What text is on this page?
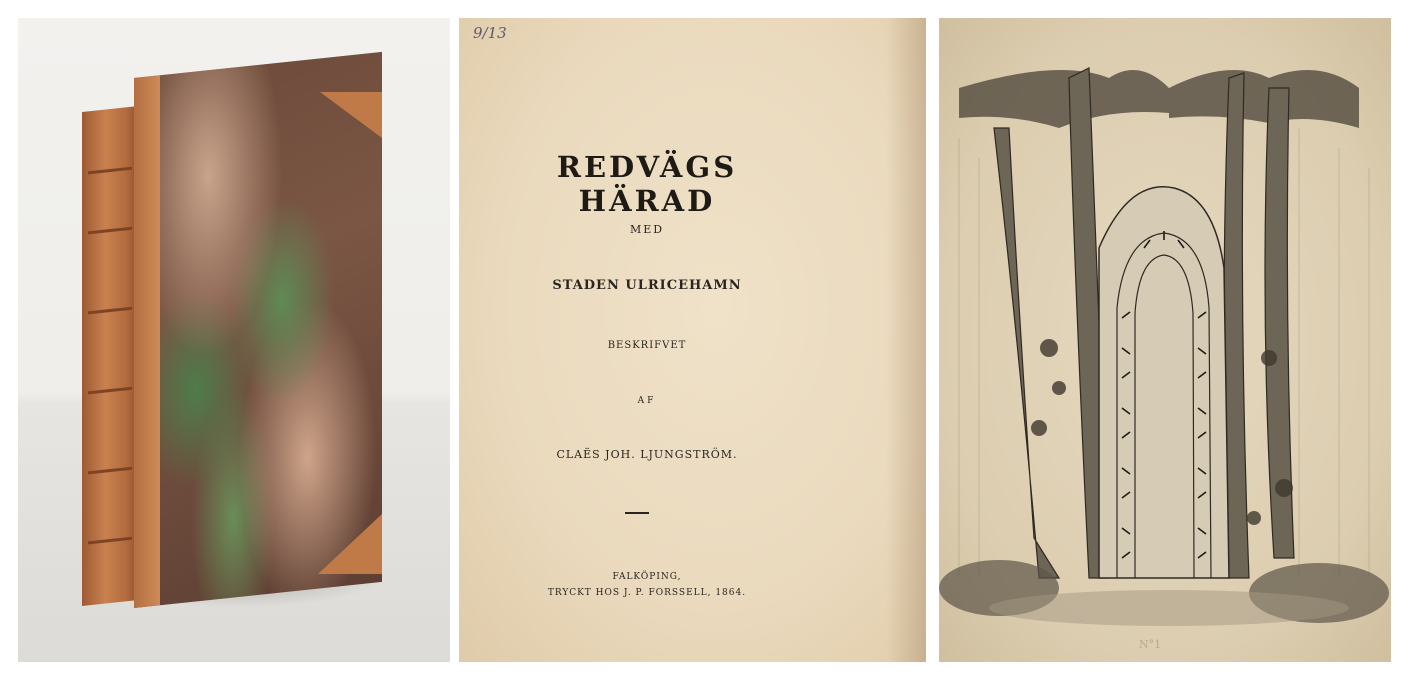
9/13
REDVÄGS HÄRAD
MED
STADEN ULRICEHAMN
BESKRIFVET
AF
CLAËS JOH. LJUNGSTRÖM.
FALKÖPING,
TRYCKT HOS J. P. FORSSELL, 1864.
N°1
